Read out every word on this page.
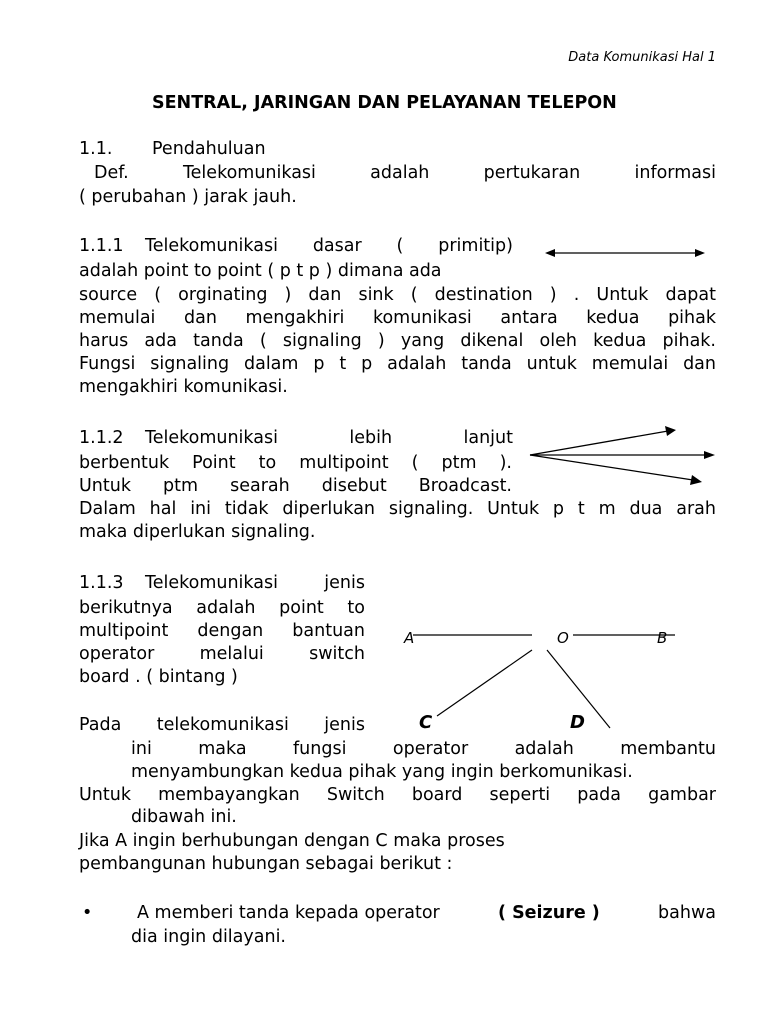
Data Komunikasi Hal 1
SENTRAL, JARINGAN DAN PELAYANAN TELEPON
1.1. Pendahuluan
Def.	Telekomunikasi	adalah	pertukaran	informasi
( perubahan ) jarak jauh.
1.1.1 Telekomunikasi dasar ( primitip)
adalah point to point ( p t p ) dimana ada
source ( orginating ) dan sink ( destination ) . Untuk dapat
memulai dan mengakhiri komunikasi antara kedua pihak
harus ada tanda ( signaling ) yang dikenal oleh kedua pihak.
Fungsi signaling dalam p t p adalah tanda untuk memulai dan
mengakhiri komunikasi.
1.1.2 Telekomunikasi	lebih	lanjut
berbentuk Point to multipoint ( ptm ).
Untuk ptm searah disebut Broadcast.
Dalam hal ini tidak diperlukan signaling. Untuk p t m dua arah
maka diperlukan signaling.
1.1.3 Telekomunikasi	jenis
berikutnya adalah point to
multipoint dengan bantuan
operator melalui switch
board . ( bintang )
A	O	B
C	D
Pada telekomunikasi jenis
ini maka fungsi operator adalah membantu
menyambungkan kedua pihak yang ingin berkomunikasi.
Untuk membayangkan Switch board seperti pada gambar
dibawah ini.
Jika A ingin berhubungan dengan C maka proses
pembangunan hubungan sebagai berikut :
•	A memberi tanda kepada operator	( Seizure )	bahwa
dia ingin dilayani.
